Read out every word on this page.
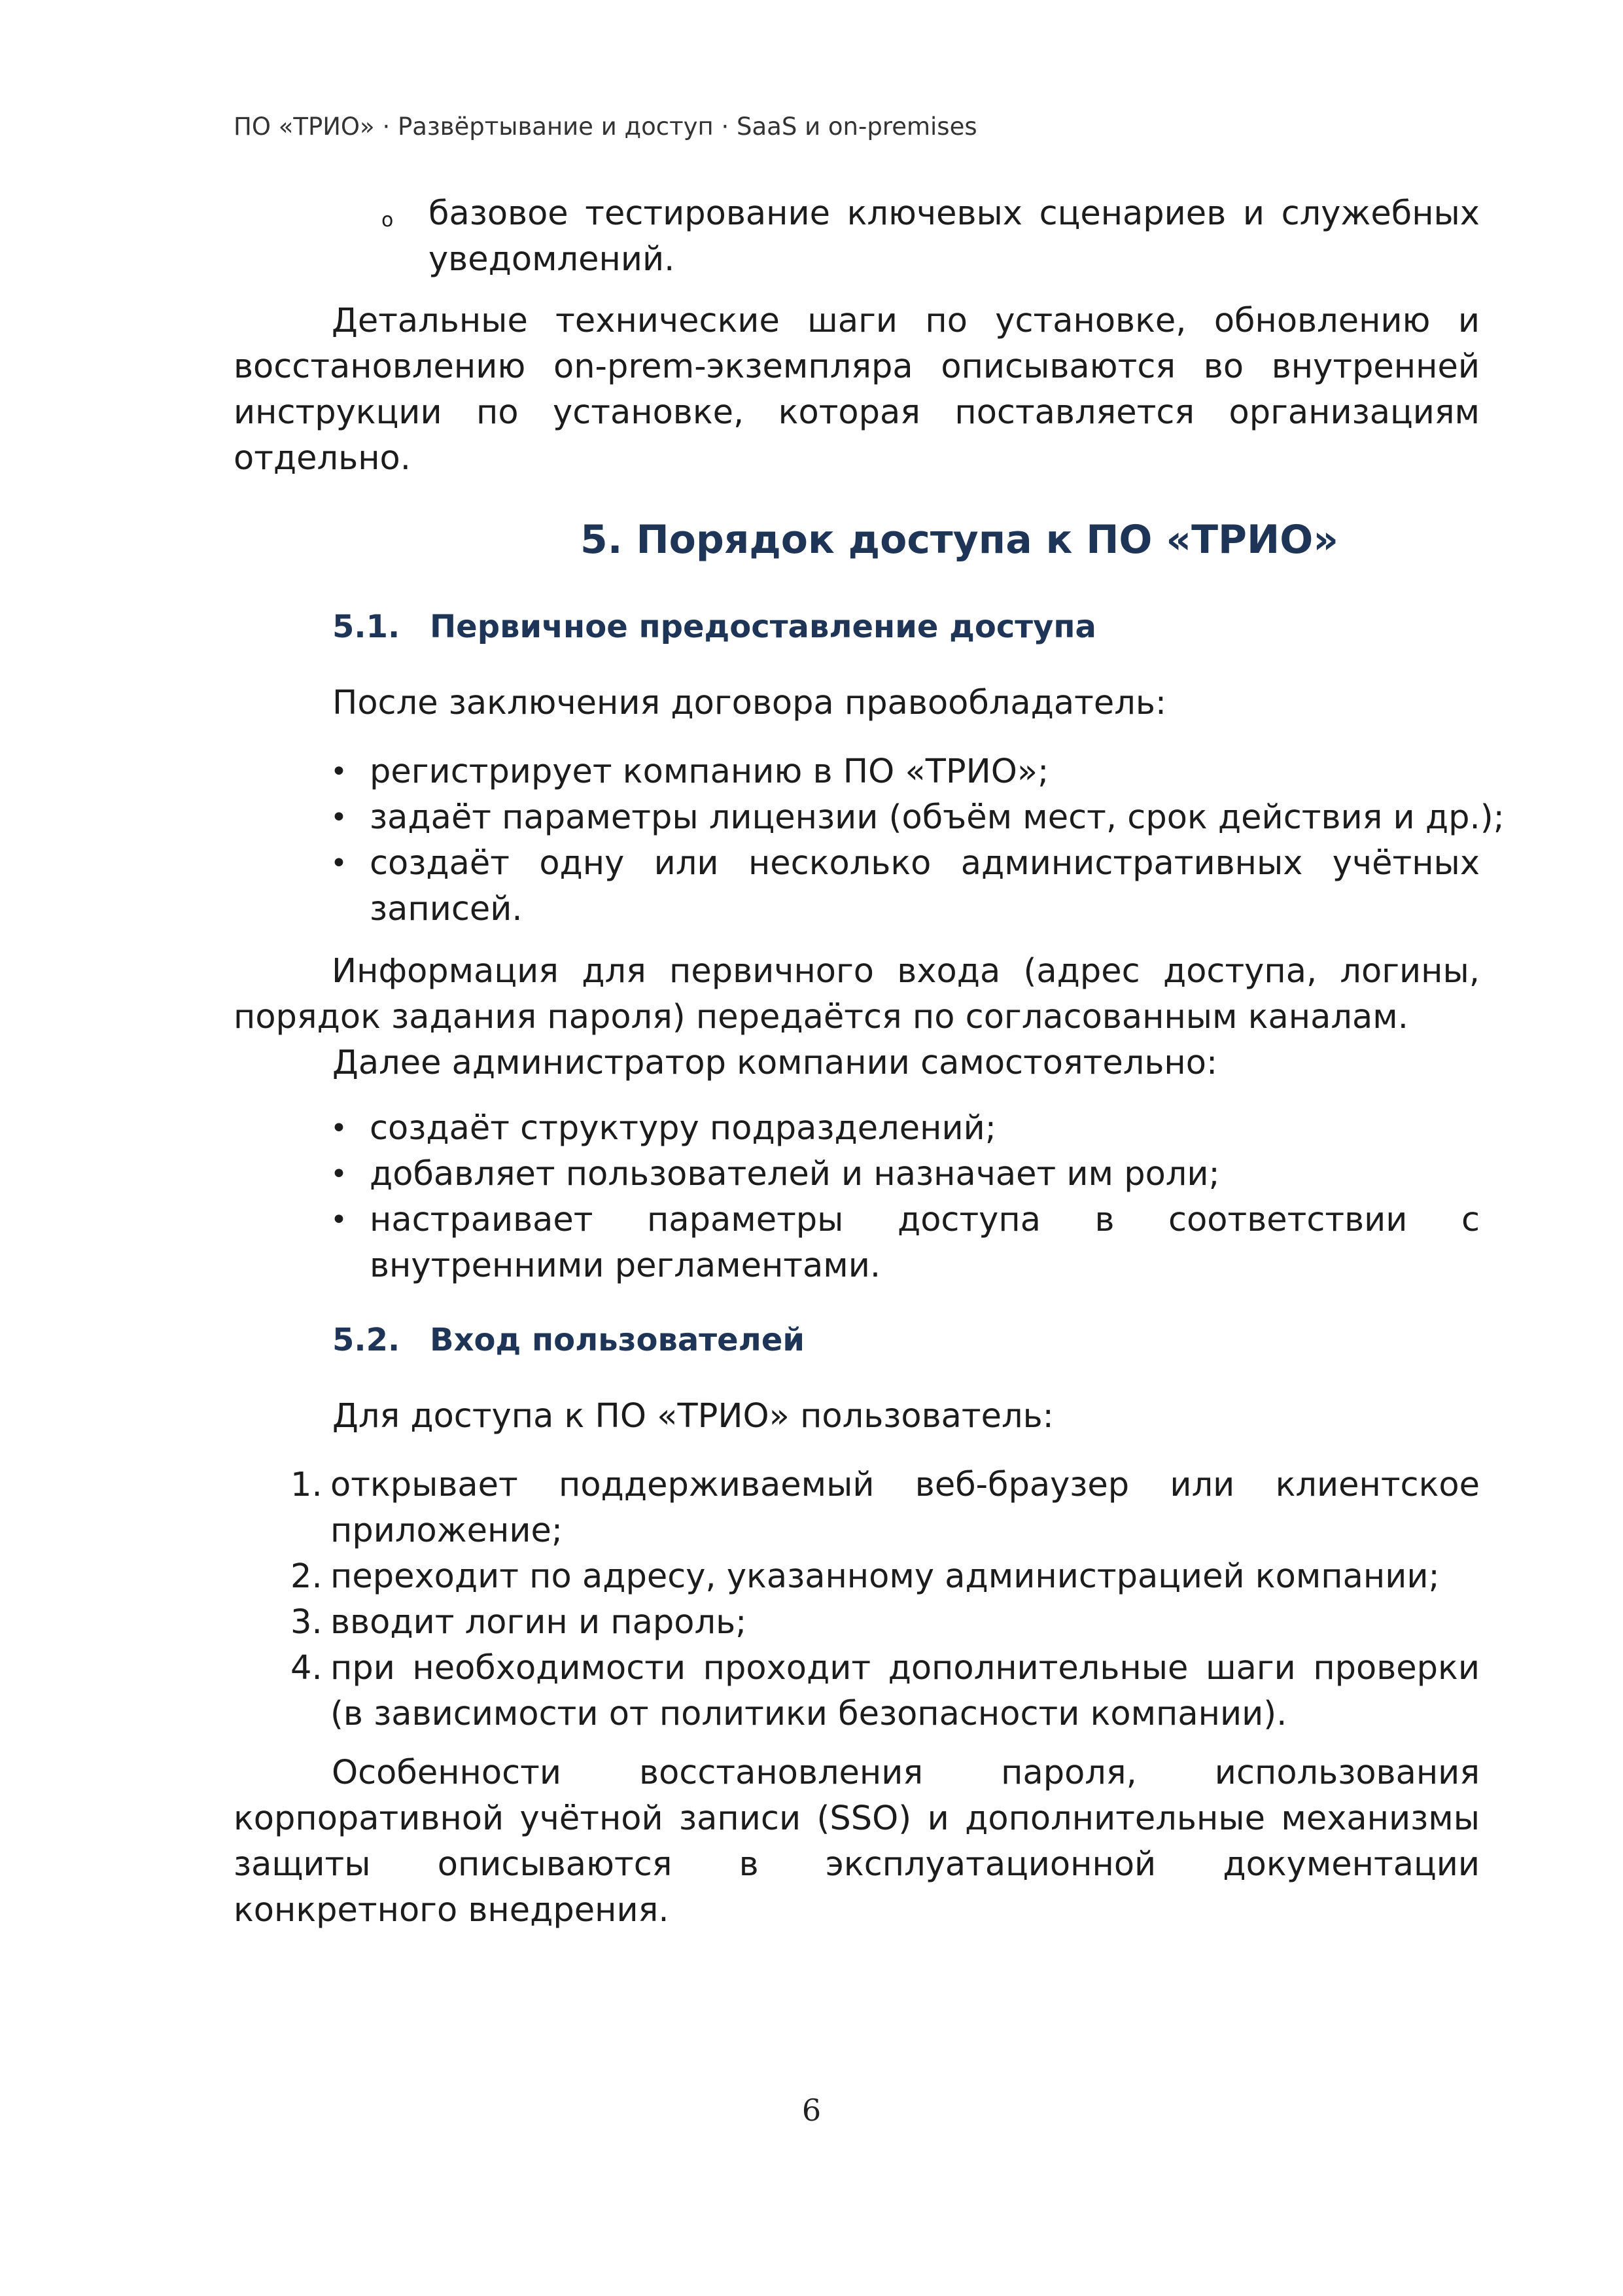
ПО «ТРИО» · Развёртывание и доступ · SaaS и on-premises
o базовое тестирование ключевых сценариев и служебных уведомлений.

Детальные технические шаги по установке, обновлению и восстановлению on-prem-экземпляра описываются во внутренней инструкции по установке, которая поставляется организациям отдельно.

5. Порядок доступа к ПО «ТРИО»
5.1. Первичное предоставление доступа

После заключения договора правообладатель:

• регистрирует компанию в ПО «ТРИО»;

• задаёт параметры лицензии (объём мест, срок действия и др.);

• создаёт одну или несколько административных учётных записей.

Информация для первичного входа (адрес доступа, логины, порядок задания пароля) передаётся по согласованным каналам.

Далее администратор компании самостоятельно:

• создаёт структуру подразделений;

• добавляет пользователей и назначает им роли;

• настраивает параметры доступа в соответствии с внутренними регламентами.

5.2. Вход пользователей

Для доступа к ПО «ТРИО» пользователь:

1. открывает поддерживаемый веб-браузер или клиентское приложение;

2. переходит по адресу, указанному администрацией компании;

3. вводит логин и пароль;

4. при необходимости проходит дополнительные шаги проверки (в зависимости от политики безопасности компании).

Особенности восстановления пароля, использования корпоративной учётной записи (SSO) и дополнительные механизмы защиты описываются в эксплуатационной документации конкретного внедрения.

6
